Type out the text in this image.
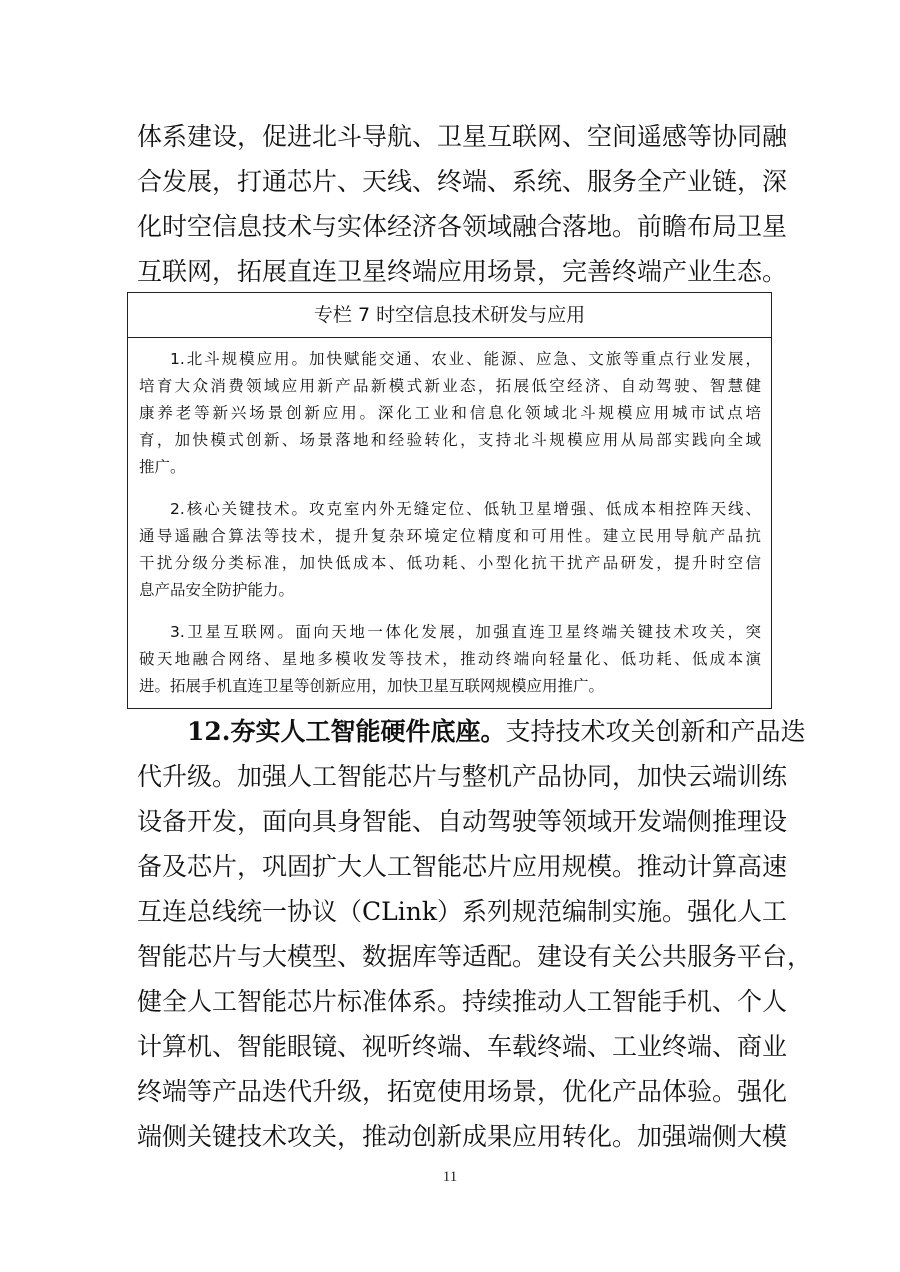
体系建设，促进北斗导航、卫星互联网、空间遥感等协同融
合发展，打通芯片、天线、终端、系统、服务全产业链，深
化时空信息技术与实体经济各领域融合落地。前瞻布局卫星
互联网，拓展直连卫星终端应用场景，完善终端产业生态。
专栏 7 时空信息技术研发与应用
1.北斗规模应用。加快赋能交通、农业、能源、应急、文旅等重点行业发展，
培育大众消费领域应用新产品新模式新业态，拓展低空经济、自动驾驶、智慧健
康养老等新兴场景创新应用。深化工业和信息化领域北斗规模应用城市试点培
育，加快模式创新、场景落地和经验转化，支持北斗规模应用从局部实践向全域
推广。
2.核心关键技术。攻克室内外无缝定位、低轨卫星增强、低成本相控阵天线、
通导遥融合算法等技术，提升复杂环境定位精度和可用性。建立民用导航产品抗
干扰分级分类标准，加快低成本、低功耗、小型化抗干扰产品研发，提升时空信
息产品安全防护能力。
3.卫星互联网。面向天地一体化发展，加强直连卫星终端关键技术攻关，突
破天地融合网络、星地多模收发等技术，推动终端向轻量化、低功耗、低成本演
进。拓展手机直连卫星等创新应用，加快卫星互联网规模应用推广。
12.夯实人工智能硬件底座。支持技术攻关创新和产品迭
代升级。加强人工智能芯片与整机产品协同，加快云端训练
设备开发，面向具身智能、自动驾驶等领域开发端侧推理设
备及芯片，巩固扩大人工智能芯片应用规模。推动计算高速
互连总线统一协议（CLink）系列规范编制实施。强化人工
智能芯片与大模型、数据库等适配。建设有关公共服务平台，
健全人工智能芯片标准体系。持续推动人工智能手机、个人
计算机、智能眼镜、视听终端、车载终端、工业终端、商业
终端等产品迭代升级，拓宽使用场景，优化产品体验。强化
端侧关键技术攻关，推动创新成果应用转化。加强端侧大模
11
